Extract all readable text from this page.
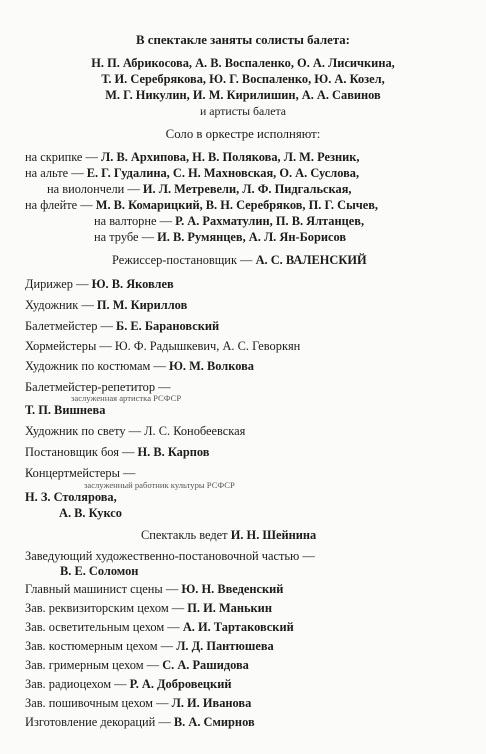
В спектакле заняты солисты балета:
Н. П. Абрикосова, А. В. Воспаленко, О. А. Лисичкина,
Т. И. Серебрякова, Ю. Г. Воспаленко, Ю. А. Козел,
М. Г. Никулин, И. М. Кирилишин, А. А. Савинов
и артисты балета
Соло в оркестре исполняют:
на скрипке — Л. В. Архипова, Н. В. Полякова, Л. М. Резник,
на альте — Е. Г. Гудалина, С. Н. Махновская, О. А. Суслова,
на виолончели — И. Л. Метревели, Л. Ф. Пидгальская,
на флейте — М. В. Комарицкий, В. Н. Серебряков, П. Г. Сычев,
на валторне — Р. А. Рахматулин, П. В. Ялтанцев,
на трубе — И. В. Румянцев, А. Л. Ян-Борисов
Режиссер-постановщик — А. С. ВАЛЕНСКИЙ
Дирижер — Ю. В. Яковлев
Художник — П. М. Кириллов
Балетмейстер — Б. Е. Барановский
Хормейстеры — Ю. Ф. Радышкевич, А. С. Геворкян
Художник по костюмам — Ю. М. Волкова
Балетмейстер-репетитор —
заслуженная артистка РСФСР
Т. П. Вишнева
Художник по свету — Л. С. Конобеевская
Постановщик боя — Н. В. Карпов
Концертмейстеры —
заслуженный работник культуры РСФСР
Н. З. Столярова,
А. В. Куксо
Спектакль ведет И. Н. Шейнина
Заведующий художественно-постановочной частью —
В. Е. Соломон
Главный машинист сцены — Ю. Н. Введенский
Зав. реквизиторским цехом — П. И. Манькин
Зав. осветительным цехом — А. И. Тартаковский
Зав. костюмерным цехом — Л. Д. Пантюшева
Зав. гримерным цехом — С. А. Рашидова
Зав. радиоцехом — Р. А. Добровецкий
Зав. пошивочным цехом — Л. И. Иванова
Изготовление декораций — В. А. Смирнов
